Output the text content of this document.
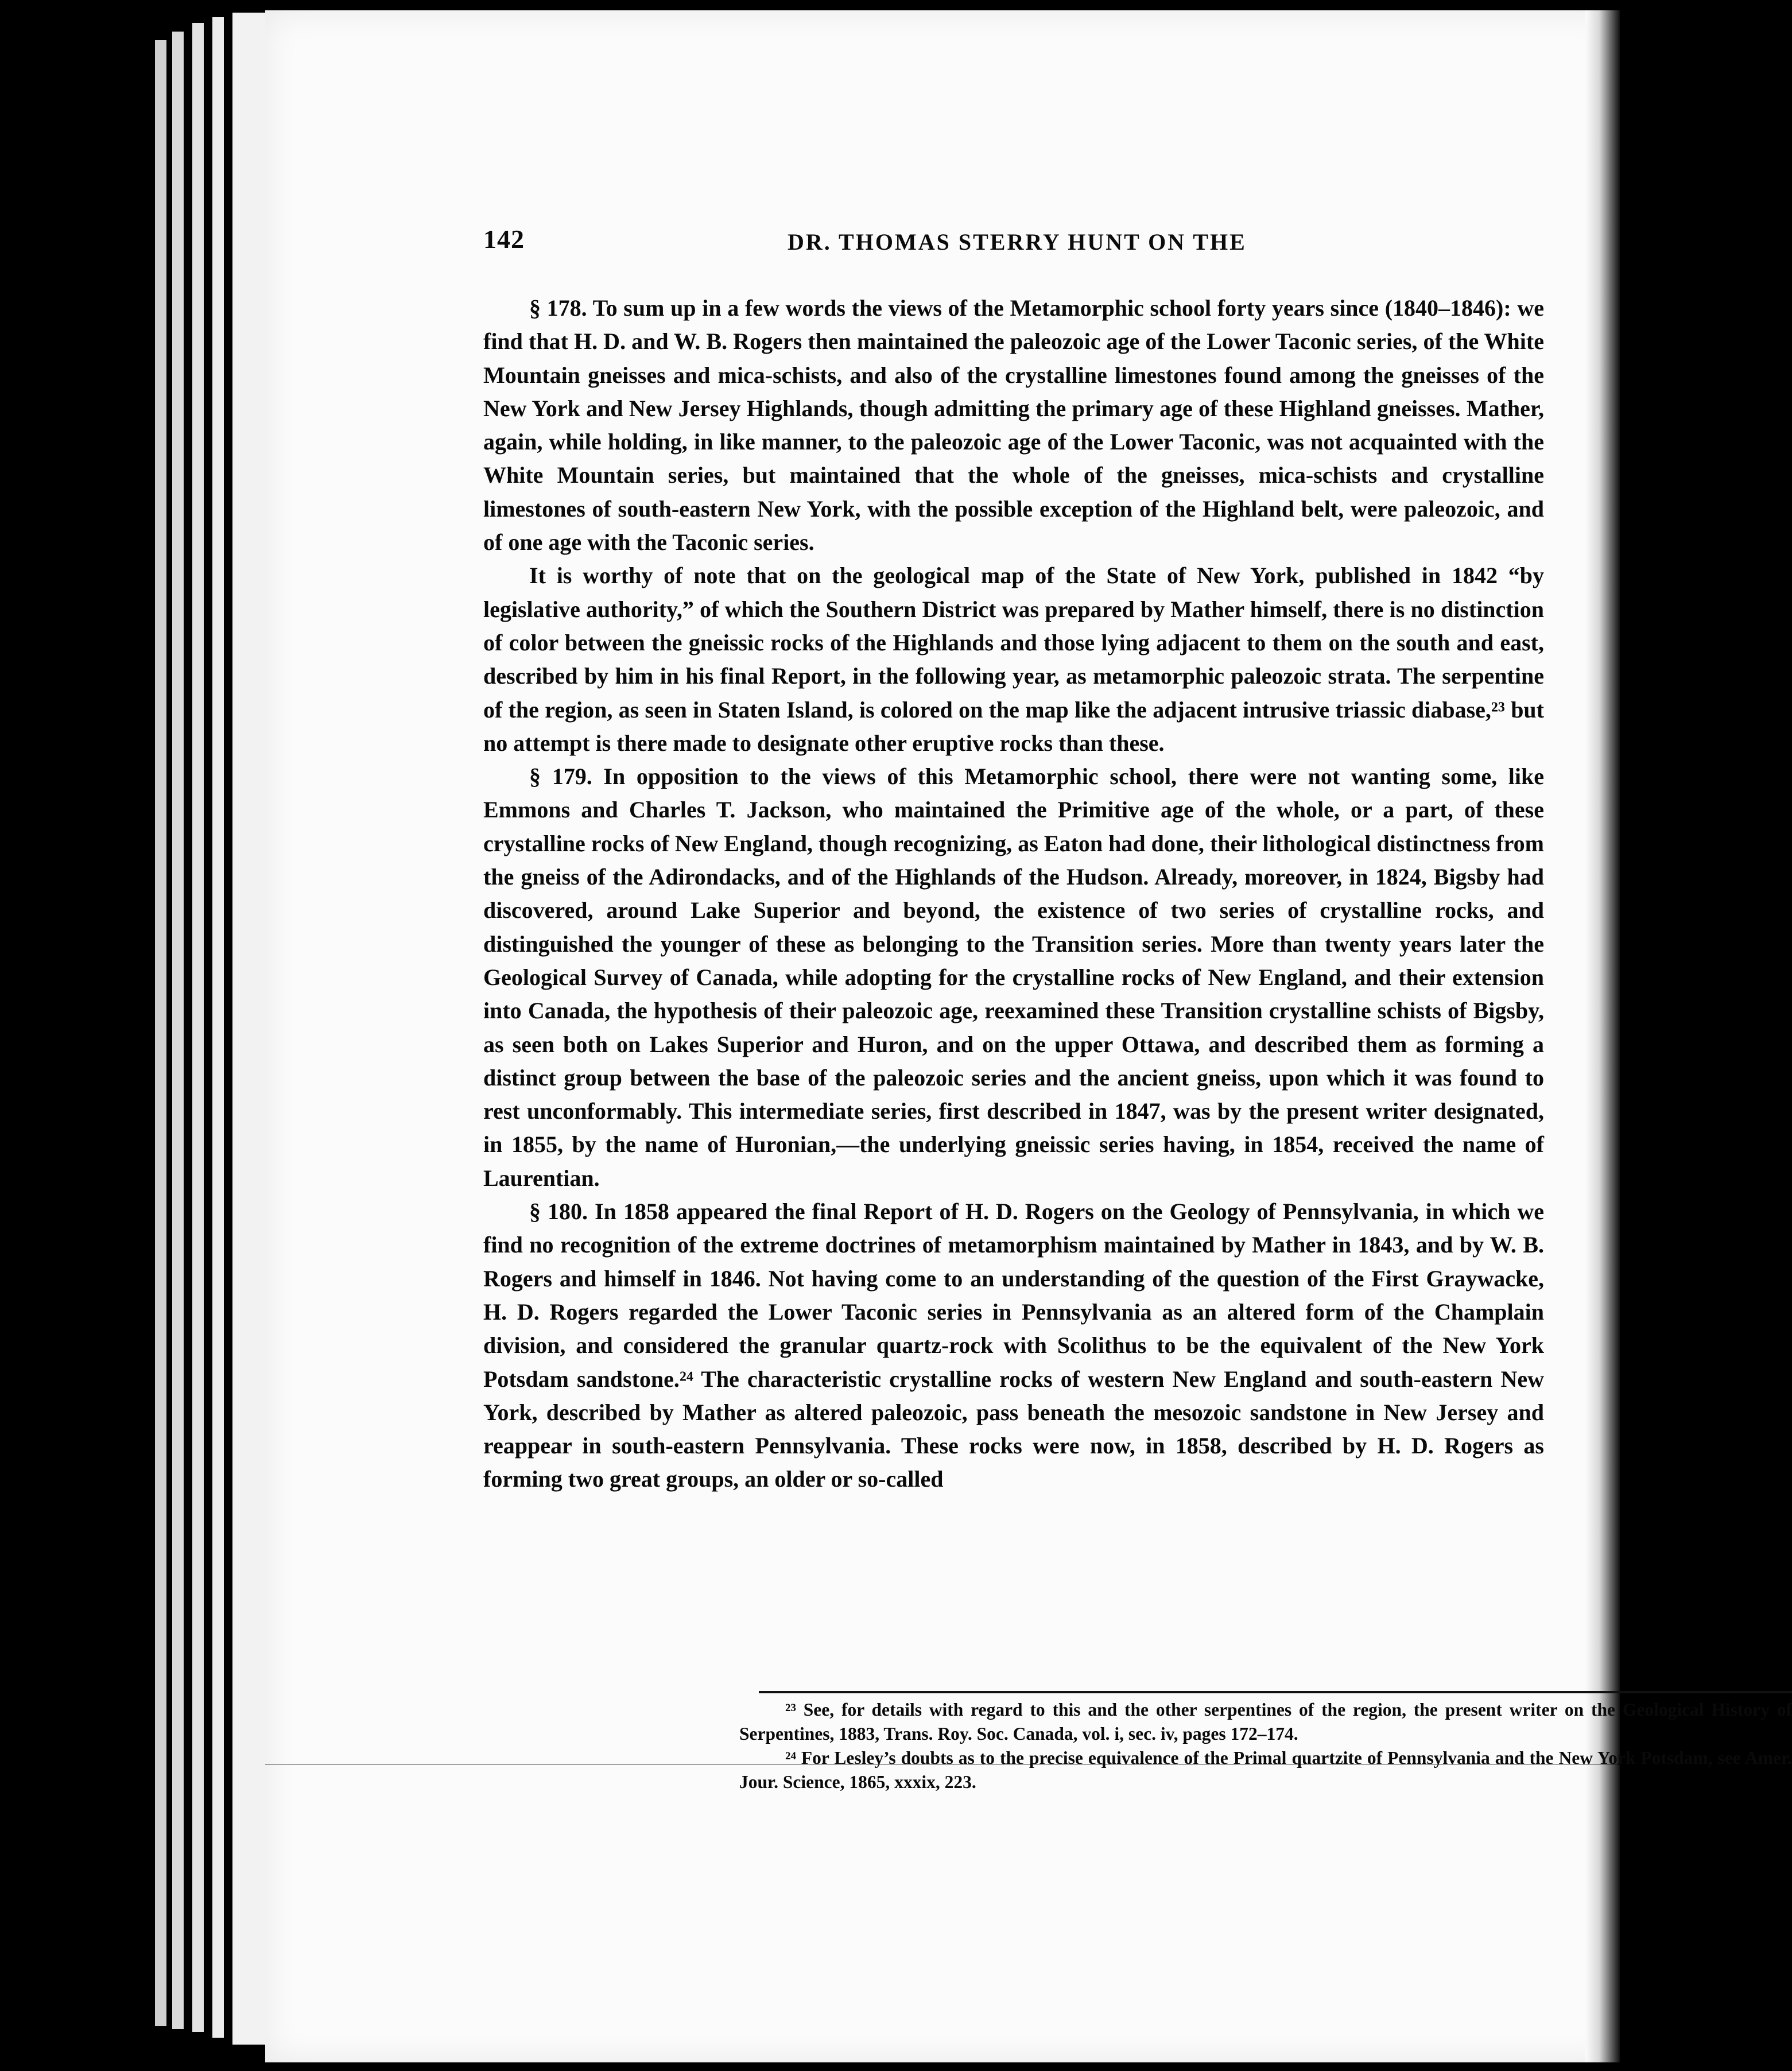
142	DR. THOMAS STERRY HUNT ON THE

§ 178. To sum up in a few words the views of the Metamorphic school forty years since (1840–1846): we find that H. D. and W. B. Rogers then maintained the paleozoic age of the Lower Taconic series, of the White Mountain gneisses and mica-schists, and also of the crystalline limestones found among the gneisses of the New York and New Jersey Highlands, though admitting the primary age of these Highland gneisses. Mather, again, while holding, in like manner, to the paleozoic age of the Lower Taconic, was not acquainted with the White Mountain series, but maintained that the whole of the gneisses, mica-schists and crystalline limestones of south-eastern New York, with the possible exception of the Highland belt, were paleozoic, and of one age with the Taconic series.

It is worthy of note that on the geological map of the State of New York, published in 1842 “by legislative authority,” of which the Southern District was prepared by Mather himself, there is no distinction of color between the gneissic rocks of the Highlands and those lying adjacent to them on the south and east, described by him in his final Report, in the following year, as metamorphic paleozoic strata. The serpentine of the region, as seen in Staten Island, is colored on the map like the adjacent intrusive triassic diabase,²³ but no attempt is there made to designate other eruptive rocks than these.

§ 179. In opposition to the views of this Metamorphic school, there were not wanting some, like Emmons and Charles T. Jackson, who maintained the Primitive age of the whole, or a part, of these crystalline rocks of New England, though recognizing, as Eaton had done, their lithological distinctness from the gneiss of the Adirondacks, and of the Highlands of the Hudson. Already, moreover, in 1824, Bigsby had discovered, around Lake Superior and beyond, the existence of two series of crystalline rocks, and distinguished the younger of these as belonging to the Transition series. More than twenty years later the Geological Survey of Canada, while adopting for the crystalline rocks of New England, and their extension into Canada, the hypothesis of their paleozoic age, reexamined these Transition crystalline schists of Bigsby, as seen both on Lakes Superior and Huron, and on the upper Ottawa, and described them as forming a distinct group between the base of the paleozoic series and the ancient gneiss, upon which it was found to rest unconformably. This intermediate series, first described in 1847, was by the present writer designated, in 1855, by the name of Huronian,—the underlying gneissic series having, in 1854, received the name of Laurentian.

§ 180. In 1858 appeared the final Report of H. D. Rogers on the Geology of Pennsylvania, in which we find no recognition of the extreme doctrines of metamorphism maintained by Mather in 1843, and by W. B. Rogers and himself in 1846. Not having come to an understanding of the question of the First Graywacke, H. D. Rogers regarded the Lower Taconic series in Pennsylvania as an altered form of the Champlain division, and considered the granular quartz-rock with Scolithus to be the equivalent of the New York Potsdam sandstone.²⁴ The characteristic crystalline rocks of western New England and south-eastern New York, described by Mather as altered paleozoic, pass beneath the mesozoic sandstone in New Jersey and reappear in south-eastern Pennsylvania. These rocks were now, in 1858, described by H. D. Rogers as forming two great groups, an older or so-called

²³ See, for details with regard to this and the other serpentines of the region, the present writer on the Geological History of Serpentines, 1883, Trans. Roy. Soc. Canada, vol. i, sec. iv, pages 172–174.

²⁴ For Lesley’s doubts as to the precise equivalence of the Primal quartzite of Pennsylvania and the New York Potsdam, see Amer. Jour. Science, 1865, xxxix, 223.
